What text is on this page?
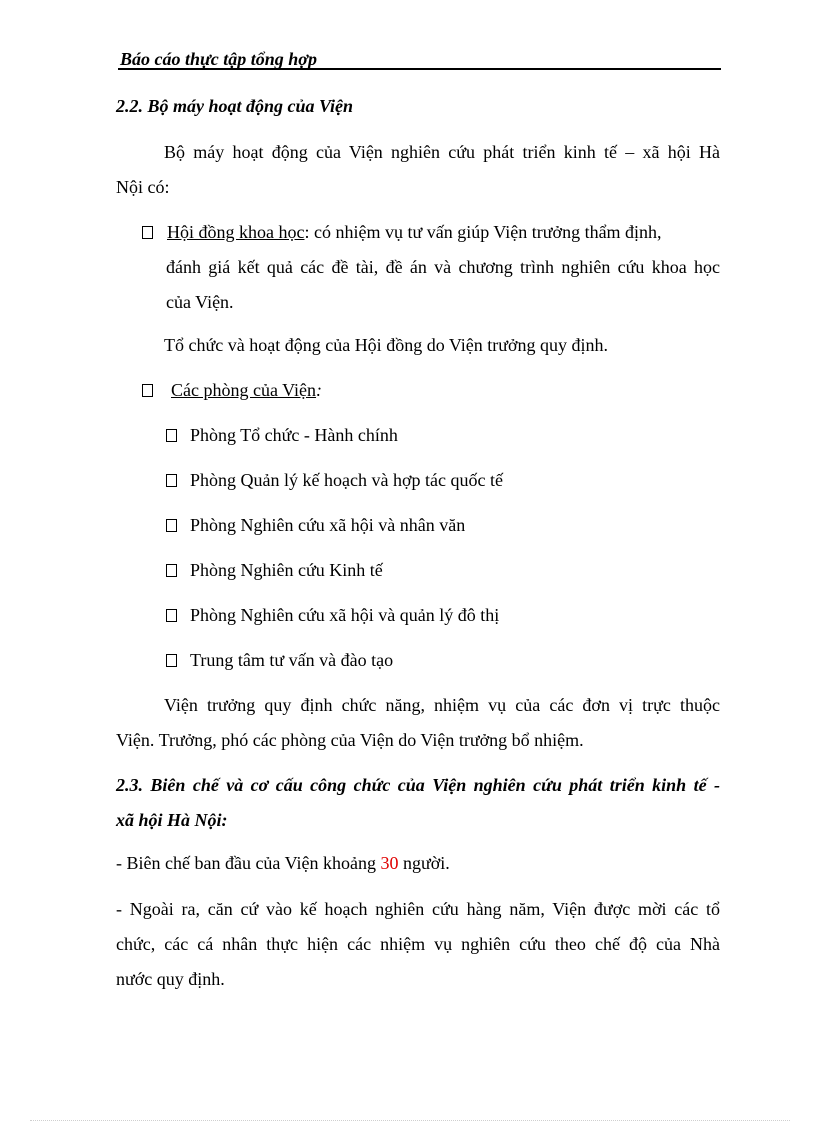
Báo cáo thực tập tổng hợp
2.2. Bộ máy hoạt động của Viện
Bộ máy hoạt động của Viện nghiên cứu phát triển kinh tế – xã hội Hà
Nội có:
Hội đồng khoa học: có nhiệm vụ tư vấn giúp Viện trưởng thẩm định,
đánh giá kết quả các đề tài, đề án và chương trình nghiên cứu khoa học
của Viện.
Tổ chức và hoạt động của Hội đồng do Viện trưởng quy định.
Các phòng của Viện:
Phòng Tổ chức - Hành chính
Phòng Quản lý kế hoạch và hợp tác quốc tế
Phòng Nghiên cứu xã hội và nhân văn
Phòng Nghiên cứu Kinh tế
Phòng Nghiên cứu xã hội và quản lý đô thị
Trung tâm tư vấn và đào tạo
Viện trưởng quy định chức năng, nhiệm vụ của các đơn vị trực thuộc
Viện. Trưởng, phó các phòng của Viện do Viện trưởng bổ nhiệm.
2.3. Biên chế và cơ cấu công chức của Viện nghiên cứu phát triển kinh tế -
xã hội Hà Nội:
- Biên chế ban đầu của Viện khoảng 30 người.
- Ngoài ra, căn cứ vào kế hoạch nghiên cứu hàng năm, Viện được mời các tổ
chức, các cá nhân thực hiện các nhiệm vụ nghiên cứu theo chế độ của Nhà
nước quy định.
